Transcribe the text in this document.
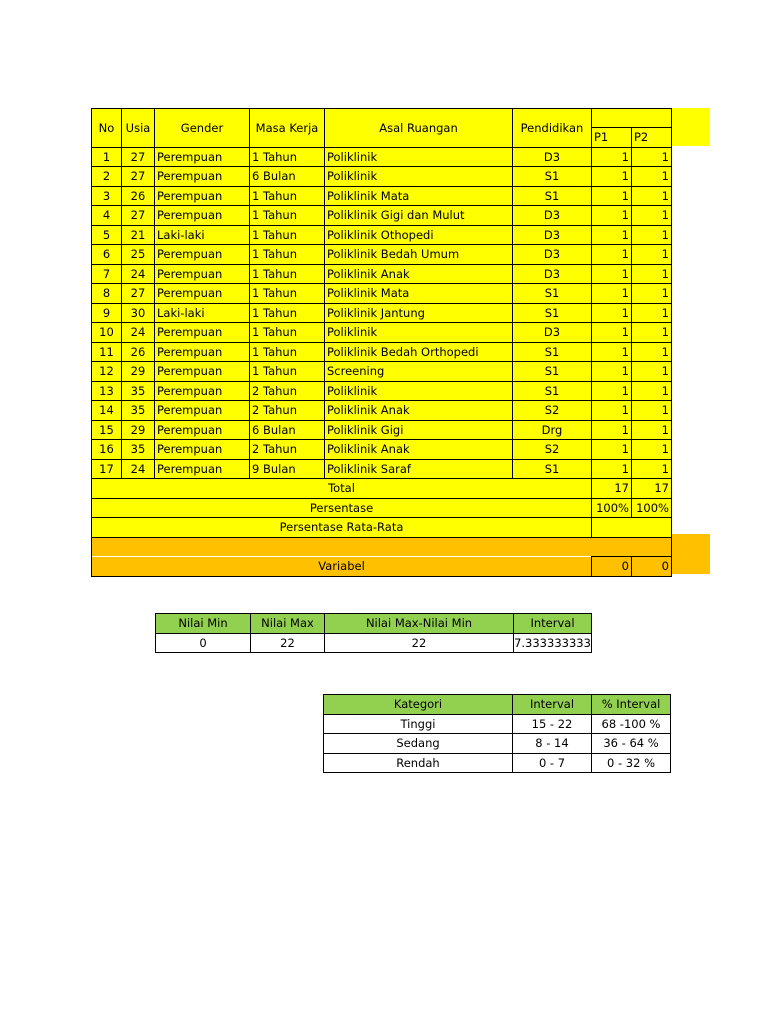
No	Usia	Gender	Masa Kerja	Asal Ruangan	Pendidikan		
						P1	P2
1	27	Perempuan	1 Tahun	Poliklinik	D3	1	1
2	27	Perempuan	6 Bulan	Poliklinik	S1	1	1
3	26	Perempuan	1 Tahun	Poliklinik Mata	S1	1	1
4	27	Perempuan	1 Tahun	Poliklinik Gigi dan Mulut	D3	1	1
5	21	Laki-laki	1 Tahun	Poliklinik Othopedi	D3	1	1
6	25	Perempuan	1 Tahun	Poliklinik Bedah Umum	D3	1	1
7	24	Perempuan	1 Tahun	Poliklinik Anak	D3	1	1
8	27	Perempuan	1 Tahun	Poliklinik Mata	S1	1	1
9	30	Laki-laki	1 Tahun	Poliklinik Jantung	S1	1	1
10	24	Perempuan	1 Tahun	Poliklinik	D3	1	1
11	26	Perempuan	1 Tahun	Poliklinik Bedah Orthopedi	S1	1	1
12	29	Perempuan	1 Tahun	Screening	S1	1	1
13	35	Perempuan	2 Tahun	Poliklinik	S1	1	1
14	35	Perempuan	2 Tahun	Poliklinik Anak	S2	1	1
15	29	Perempuan	6 Bulan	Poliklinik Gigi	Drg	1	1
16	35	Perempuan	2 Tahun	Poliklinik Anak	S2	1	1
17	24	Perempuan	9 Bulan	Poliklinik Saraf	S1	1	1
Total						17	17
Persentase						100%	100%
Persentase Rata-Rata							

Variabel						0	0
Nilai Min	Nilai Max	Nilai Max-Nilai Min	Interval
0	22	22	7.333333333
Kategori	Interval	% Interval
Tinggi	15 - 22	68 -100 %
Sedang	8 - 14	36 - 64 %
Rendah	0 - 7	0 - 32 %
